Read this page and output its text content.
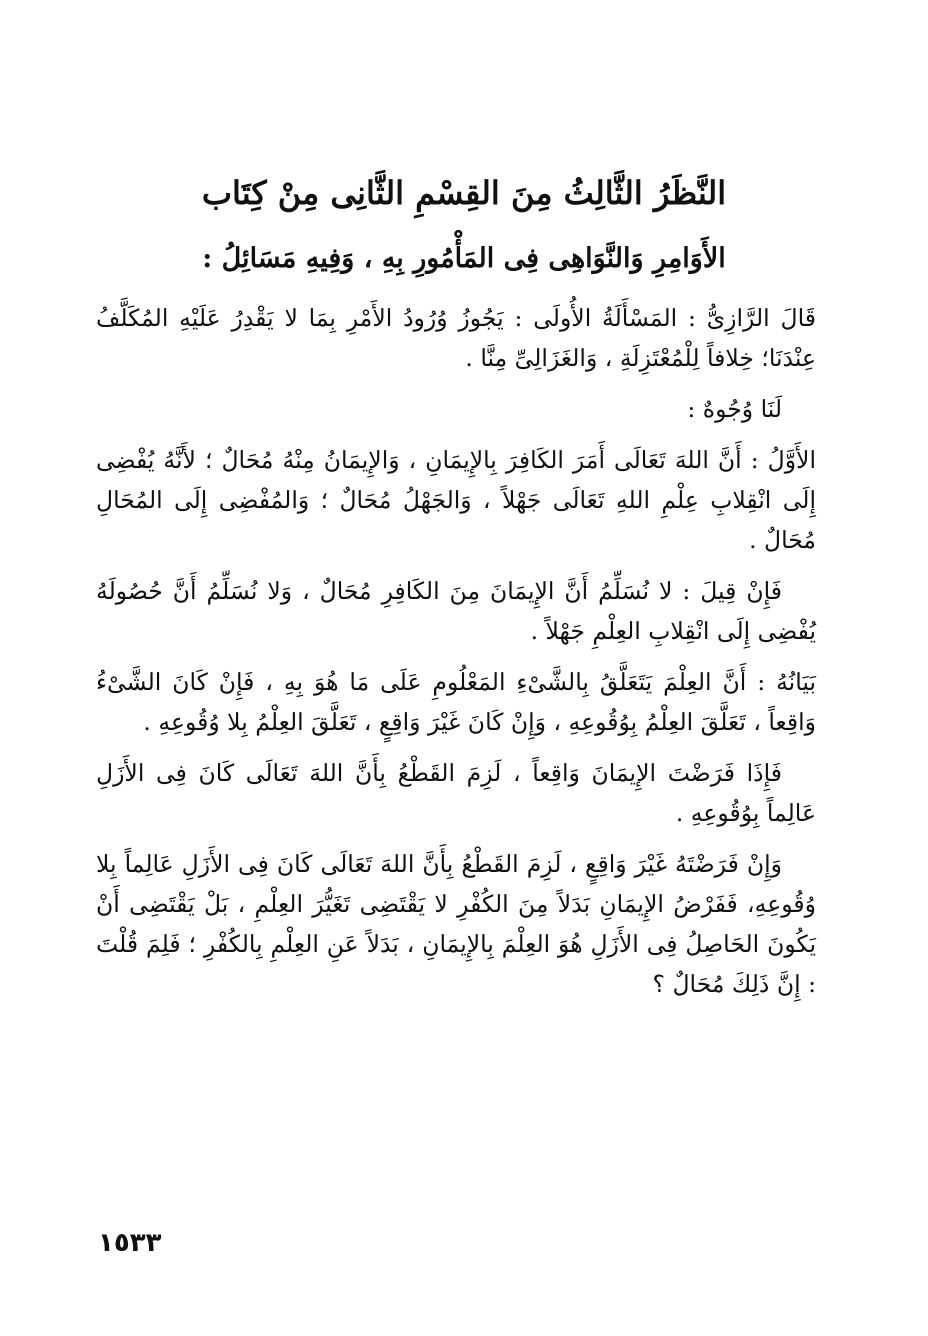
النَّظَرُ الثَّالِثُ مِنَ القِسْمِ الثَّانِى مِنْ كِتَاب
الأَوَامِرِ وَالنَّوَاهِى فِى المَأْمُورِ بِهِ ، وَفِيهِ مَسَائِلُ :

قَالَ الرَّازِىُّ : المَسْأَلَةُ الأُولَى : يَجُوزُ وُرُودُ الأَمْرِ بِمَا لا يَقْدِرُ عَلَيْهِ المُكَلَّفُ عِنْدَنَا؛ خِلافاً لِلْمُعْتَزِلَةِ ، وَالغَزَالِىِّ مِنَّا .

لَنَا وُجُوهٌ :

الأَوَّلُ : أَنَّ اللهَ تَعَالَى أَمَرَ الكَافِرَ بِالإِيمَانِ ، وَالإِيمَانُ مِنْهُ مُحَالٌ ؛ لأَنَّهُ يُفْضِى إِلَى انْقِلابِ عِلْمِ اللهِ تَعَالَى جَهْلاً ، وَالجَهْلُ مُحَالٌ ؛ وَالمُفْضِى إِلَى المُحَالِ مُحَالٌ .

فَإِنْ قِيلَ : لا نُسَلِّمُ أَنَّ الإِيمَانَ مِنَ الكَافِرِ مُحَالٌ ، وَلا نُسَلِّمُ أَنَّ حُصُولَهُ يُفْضِى إِلَى انْقِلابِ العِلْمِ جَهْلاً .

بَيَانُهُ : أَنَّ العِلْمَ يَتَعَلَّقُ بِالشَّىْءِ المَعْلُومِ عَلَى مَا هُوَ بِهِ ، فَإِنْ كَانَ الشَّىْءُ وَاقِعاً ، تَعَلَّقَ العِلْمُ بِوُقُوعِهِ ، وَإِنْ كَانَ غَيْرَ وَاقِعٍ ، تَعَلَّقَ العِلْمُ بِلا وُقُوعِهِ .

فَإِذَا فَرَضْتَ الإِيمَانَ وَاقِعاً ، لَزِمَ القَطْعُ بِأَنَّ اللهَ تَعَالَى كَانَ فِى الأَزَلِ عَالِماً بِوُقُوعِهِ .

وَإِنْ فَرَضْتَهُ غَيْرَ وَاقِعٍ ، لَزِمَ القَطْعُ بِأَنَّ اللهَ تَعَالَى كَانَ فِى الأَزَلِ عَالِماً بِلا وُقُوعِهِ، فَفَرْضُ الإِيمَانِ بَدَلاً مِنَ الكُفْرِ لا يَقْتَضِى تَغَيُّرَ العِلْمِ ، بَلْ يَقْتَضِى أَنْ يَكُونَ الحَاصِلُ فِى الأَزَلِ هُوَ العِلْمَ بِالإِيمَانِ ، بَدَلاً عَنِ العِلْمِ بِالكُفْرِ ؛ فَلِمَ قُلْتَ : إِنَّ ذَلِكَ مُحَالٌ ؟

١٥٣٣
